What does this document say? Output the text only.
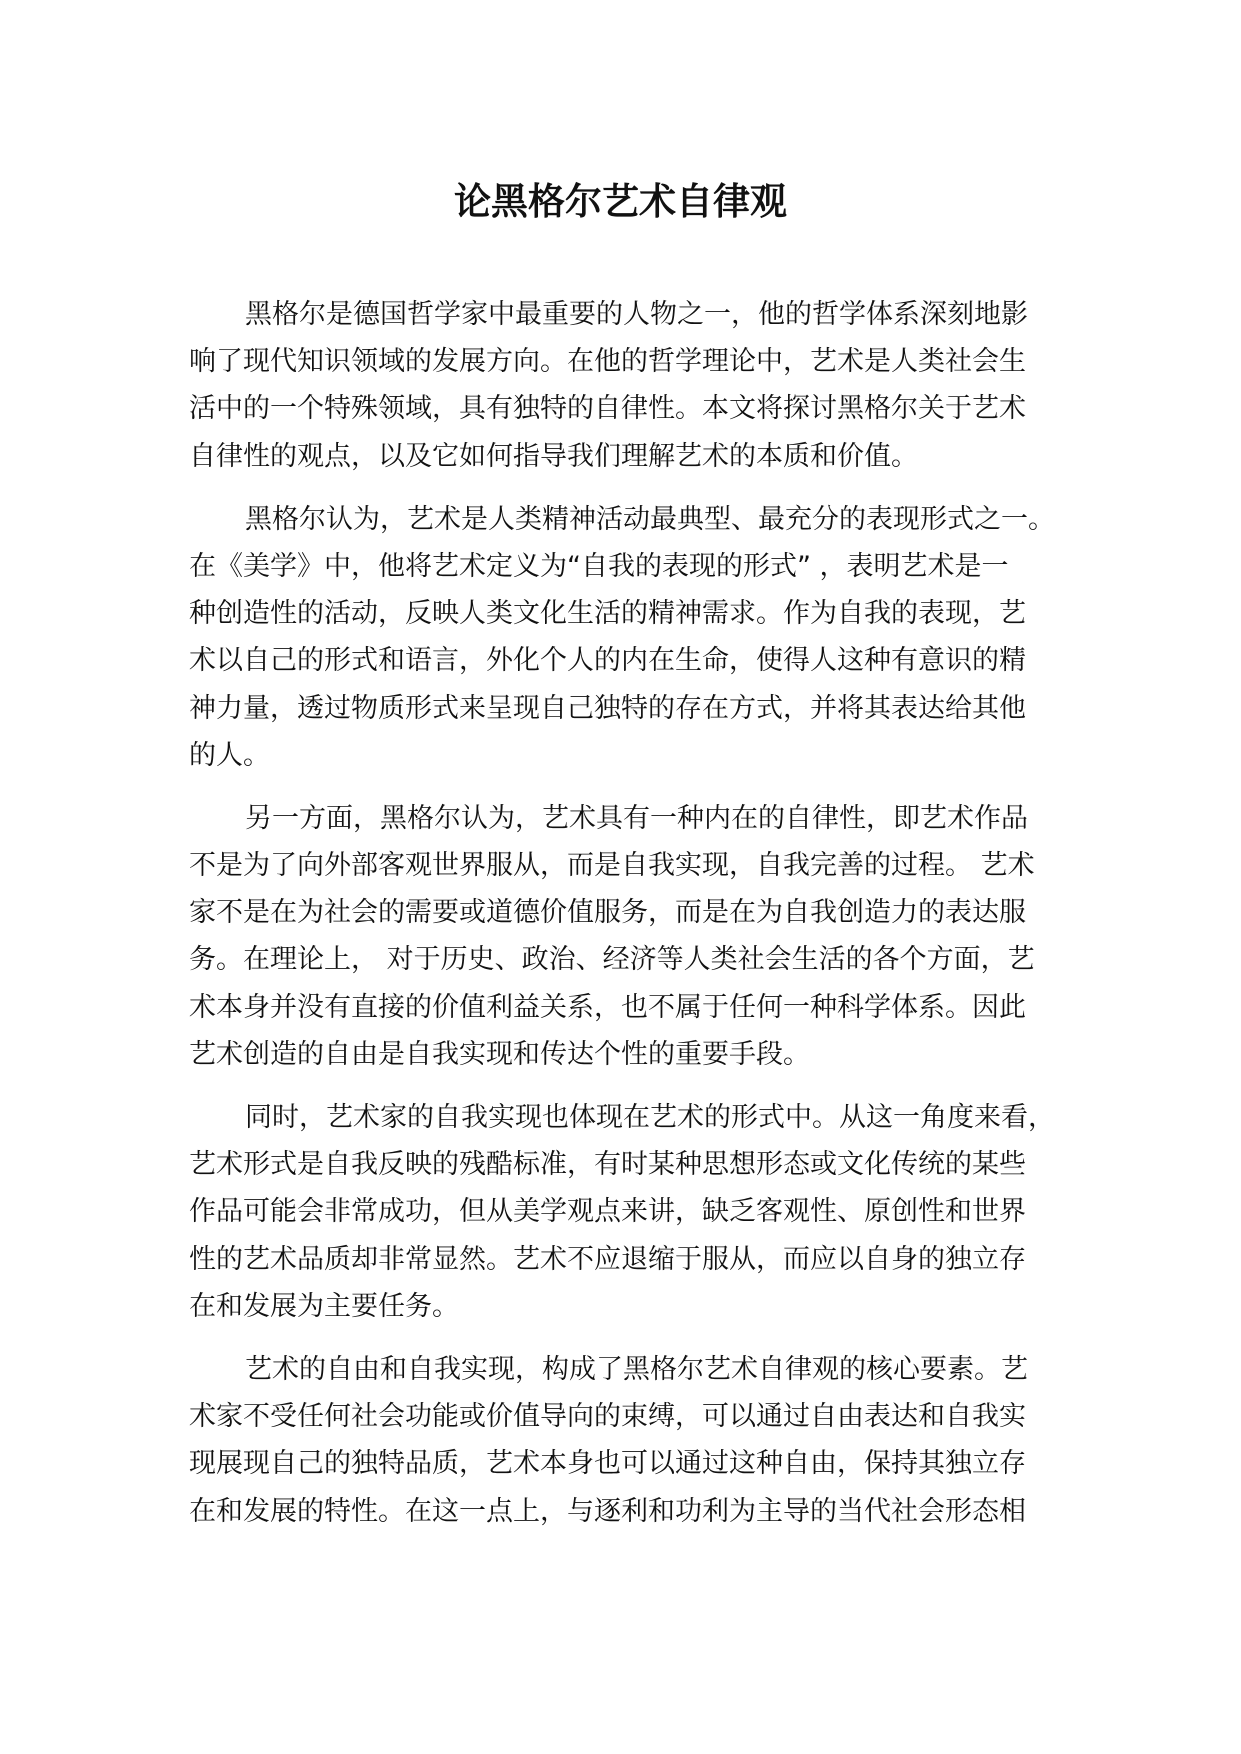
论黑格尔艺术自律观
黑格尔是德国哲学家中最重要的人物之一，他的哲学体系深刻地影
响了现代知识领域的发展方向。在他的哲学理论中，艺术是人类社会生
活中的一个特殊领域，具有独特的自律性。本文将探讨黑格尔关于艺术
自律性的观点，以及它如何指导我们理解艺术的本质和价值。
黑格尔认为，艺术是人类精神活动最典型、最充分的表现形式之一。
在《美学》中，他将艺术定义为“自我的表现的形式” ，表明艺术是一
种创造性的活动，反映人类文化生活的精神需求。作为自我的表现，艺
术以自己的形式和语言，外化个人的内在生命，使得人这种有意识的精
神力量，透过物质形式来呈现自己独特的存在方式，并将其表达给其他
的人。
另一方面，黑格尔认为，艺术具有一种内在的自律性，即艺术作品
不是为了向外部客观世界服从，而是自我实现，自我完善的过程。 艺术
家不是在为社会的需要或道德价值服务，而是在为自我创造力的表达服
务。在理论上， 对于历史、政治、经济等人类社会生活的各个方面，艺
术本身并没有直接的价值利益关系，也不属于任何一种科学体系。因此
艺术创造的自由是自我实现和传达个性的重要手段。
同时，艺术家的自我实现也体现在艺术的形式中。从这一角度来看，
艺术形式是自我反映的残酷标准，有时某种思想形态或文化传统的某些
作品可能会非常成功，但从美学观点来讲，缺乏客观性、原创性和世界
性的艺术品质却非常显然。艺术不应退缩于服从，而应以自身的独立存
在和发展为主要任务。
艺术的自由和自我实现，构成了黑格尔艺术自律观的核心要素。艺
术家不受任何社会功能或价值导向的束缚，可以通过自由表达和自我实
现展现自己的独特品质，艺术本身也可以通过这种自由，保持其独立存
在和发展的特性。在这一点上，与逐利和功利为主导的当代社会形态相
